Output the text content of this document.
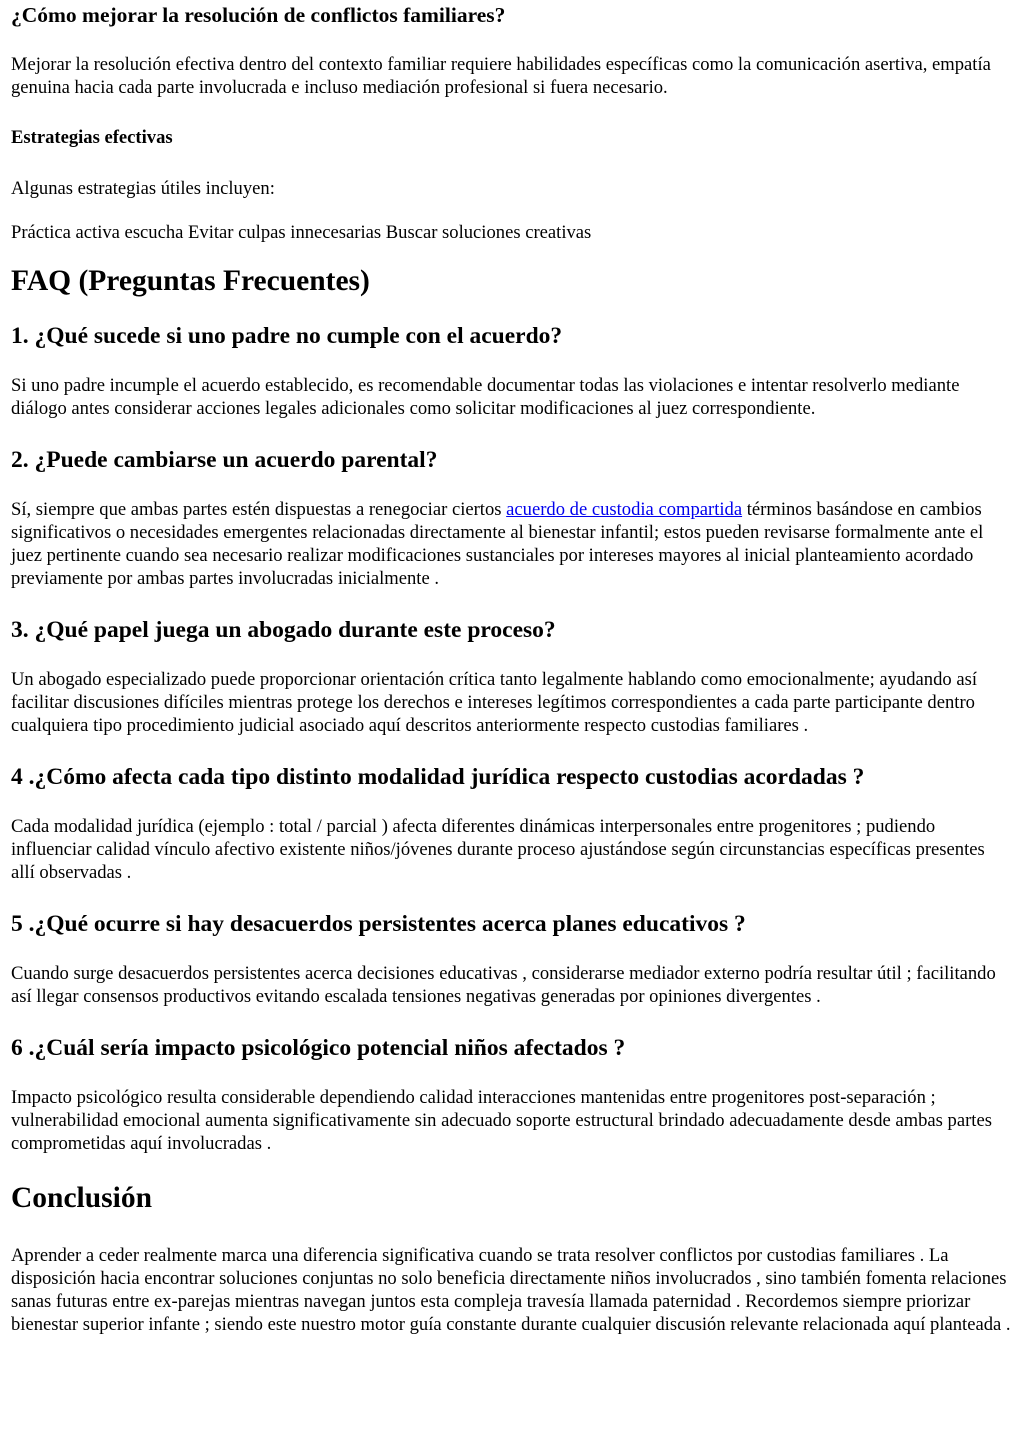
¿Cómo mejorar la resolución de conflictos familiares?

Mejorar la resolución efectiva dentro del contexto familiar requiere habilidades específicas como la comunicación asertiva, empatía genuina hacia cada parte involucrada e incluso mediación profesional si fuera necesario.

Estrategias efectivas

Algunas estrategias útiles incluyen:

Práctica activa escucha Evitar culpas innecesarias Buscar soluciones creativas

FAQ (Preguntas Frecuentes)
1. ¿Qué sucede si uno padre no cumple con el acuerdo?

Si uno padre incumple el acuerdo establecido, es recomendable documentar todas las violaciones e intentar resolverlo mediante diálogo antes considerar acciones legales adicionales como solicitar modificaciones al juez correspondiente.

2. ¿Puede cambiarse un acuerdo parental?

Sí, siempre que ambas partes estén dispuestas a renegociar ciertos acuerdo de custodia compartida términos basándose en cambios significativos o necesidades emergentes relacionadas directamente al bienestar infantil; estos pueden revisarse formalmente ante el juez pertinente cuando sea necesario realizar modificaciones sustanciales por intereses mayores al inicial planteamiento acordado previamente por ambas partes involucradas inicialmente .

3. ¿Qué papel juega un abogado durante este proceso?

Un abogado especializado puede proporcionar orientación crítica tanto legalmente hablando como emocionalmente; ayudando así facilitar discusiones difíciles mientras protege los derechos e intereses legítimos correspondientes a cada parte participante dentro cualquiera tipo procedimiento judicial asociado aquí descritos anteriormente respecto custodias familiares .

4 .¿Cómo afecta cada tipo distinto modalidad jurídica respecto custodias acordadas ?

Cada modalidad jurídica (ejemplo : total / parcial ) afecta diferentes dinámicas interpersonales entre progenitores ; pudiendo influenciar calidad vínculo afectivo existente niños/jóvenes durante proceso ajustándose según circunstancias específicas presentes allí observadas .

5 .¿Qué ocurre si hay desacuerdos persistentes acerca planes educativos ?

Cuando surge desacuerdos persistentes acerca decisiones educativas , considerarse mediador externo podría resultar útil ; facilitando así llegar consensos productivos evitando escalada tensiones negativas generadas por opiniones divergentes .

6 .¿Cuál sería impacto psicológico potencial niños afectados ?

Impacto psicológico resulta considerable dependiendo calidad interacciones mantenidas entre progenitores post-separación ; vulnerabilidad emocional aumenta significativamente sin adecuado soporte estructural brindado adecuadamente desde ambas partes comprometidas aquí involucradas .

Conclusión

Aprender a ceder realmente marca una diferencia significativa cuando se trata resolver conflictos por custodias familiares . La disposición hacia encontrar soluciones conjuntas no solo beneficia directamente niños involucrados , sino también fomenta relaciones sanas futuras entre ex-parejas mientras navegan juntos esta compleja travesía llamada paternidad . Recordemos siempre priorizar bienestar superior infante ; siendo este nuestro motor guía constante durante cualquier discusión relevante relacionada aquí planteada .
